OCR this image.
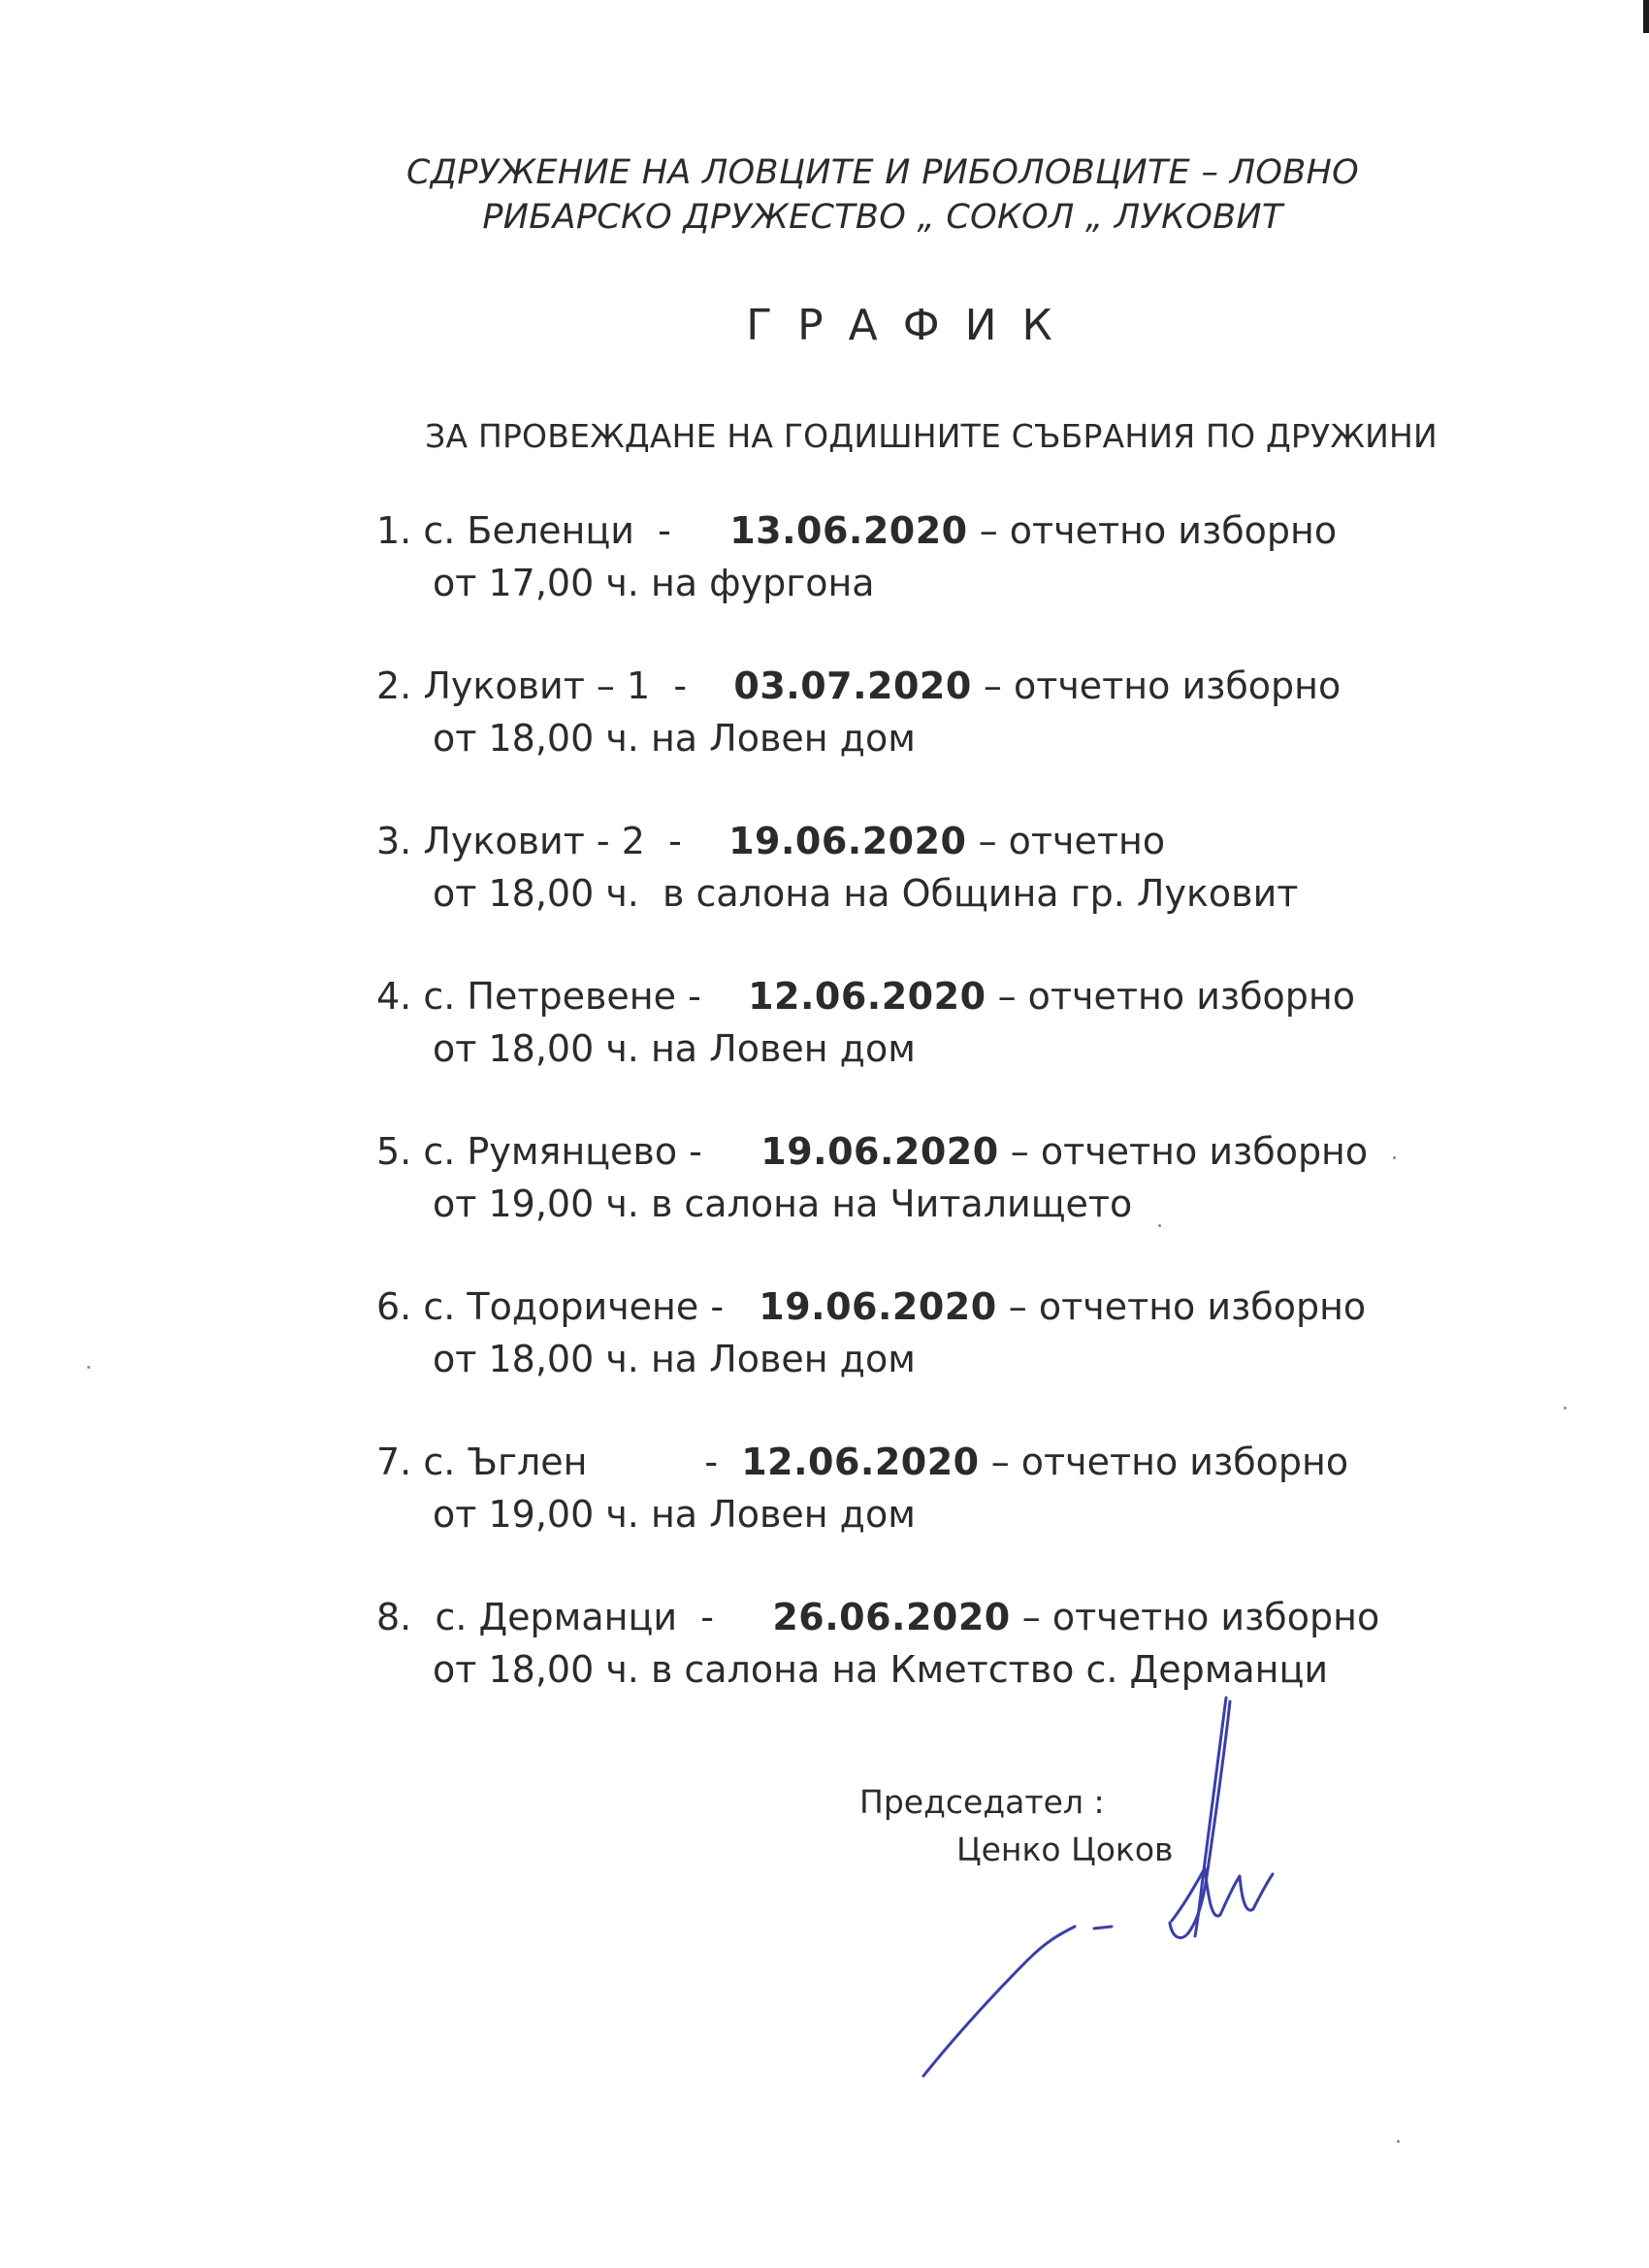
СДРУЖЕНИЕ НА ЛОВЦИТЕ И РИБОЛОВЦИТЕ – ЛОВНО
РИБАРСКО ДРУЖЕСТВО „ СОКОЛ „ ЛУКОВИТ
ГРАФИК
ЗА ПРОВЕЖДАНЕ НА ГОДИШНИТЕ СЪБРАНИЯ ПО ДРУЖИНИ
1. с. Беленци  -     13.06.2020 – отчетно изборно
от 17,00 ч. на фургона
2. Луковит – 1  -    03.07.2020 – отчетно изборно
от 18,00 ч. на Ловен дом
3. Луковит - 2  -    19.06.2020 – отчетно
от 18,00 ч.  в салона на Община гр. Луковит
4. с. Петревене -    12.06.2020 – отчетно изборно
от 18,00 ч. на Ловен дом
5. с. Румянцево -     19.06.2020 – отчетно изборно
от 19,00 ч. в салона на Читалището
6. с. Тодоричене -   19.06.2020 – отчетно изборно
от 18,00 ч. на Ловен дом
7. с. Ъглен          -  12.06.2020 – отчетно изборно
от 19,00 ч. на Ловен дом
8.  с. Дерманци  -     26.06.2020 – отчетно изборно
от 18,00 ч. в салона на Кметство с. Дерманци
Председател :
Ценко Цоков
